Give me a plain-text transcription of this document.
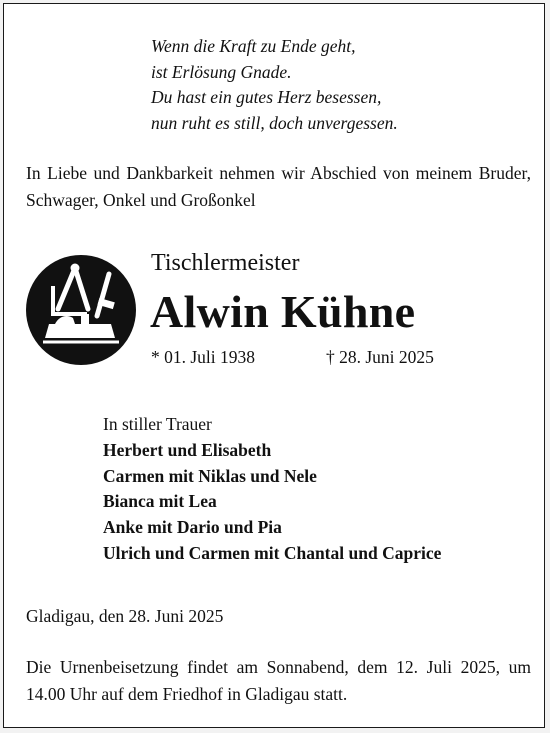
Wenn die Kraft zu Ende geht,
ist Erlösung Gnade.
Du hast ein gutes Herz besessen,
nun ruht es still, doch unvergessen.
In Liebe und Dankbarkeit nehmen wir Abschied von meinem Bruder, Schwager, Onkel und Großonkel
Tischlermeister
Alwin Kühne
* 01. Juli 1938	† 28. Juni 2025
In stiller Trauer
Herbert und Elisabeth
Carmen mit Niklas und Nele
Bianca mit Lea
Anke mit Dario und Pia
Ulrich und Carmen mit Chantal und Caprice
Gladigau, den 28. Juni 2025
Die Urnenbeisetzung findet am Sonnabend, dem 12. Juli 2025, um 14.00 Uhr auf dem Friedhof in Gladigau statt.
